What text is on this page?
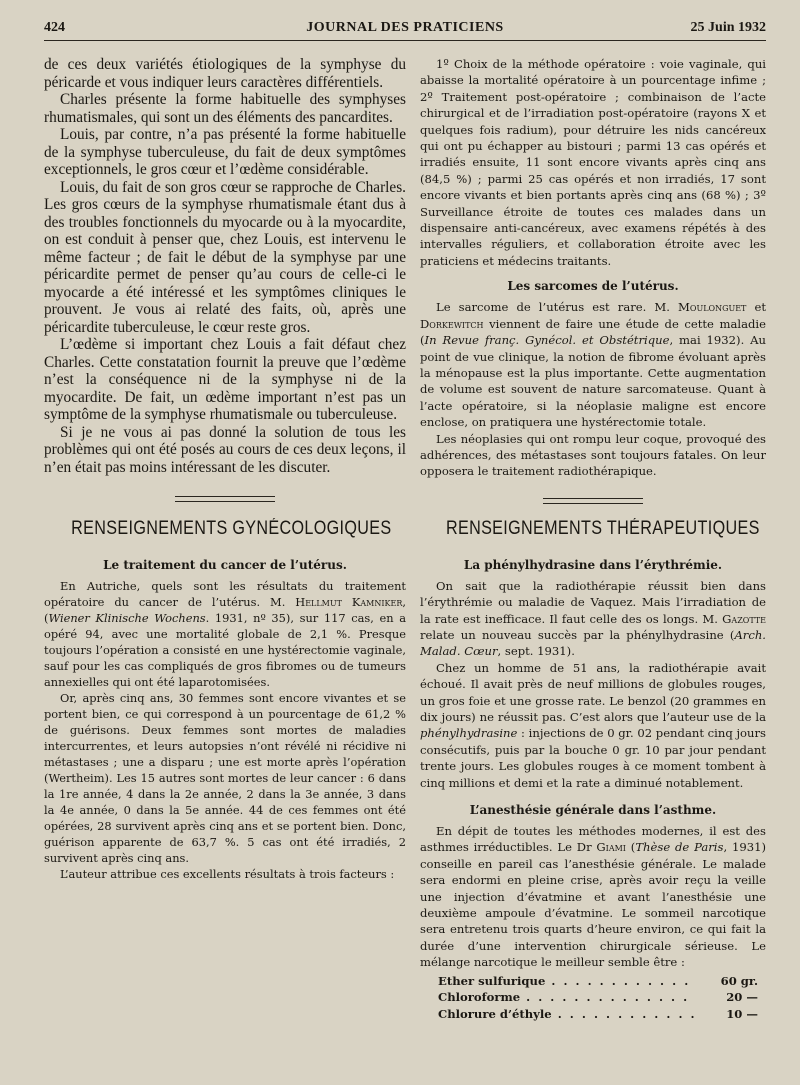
424	JOURNAL DES PRATICIENS	25 Juin 1932

de ces deux variétés étiologiques de la symphyse du péricarde et vous indiquer leurs caractères différentiels.

Charles présente la forme habituelle des symphyses rhumatismales, qui sont un des éléments des pancardites.

Louis, par contre, n’a pas présenté la forme habituelle de la symphyse tuberculeuse, du fait de deux symptômes exceptionnels, le gros cœur et l’œdème considérable.

Louis, du fait de son gros cœur se rapproche de Charles. Les gros cœurs de la symphyse rhumatismale étant dus à des troubles fonctionnels du myocarde ou à la myocardite, on est conduit à penser que, chez Louis, est intervenu le même facteur ; de fait le début de la symphyse par une péricardite permet de penser qu’au cours de celle-ci le myocarde a été intéressé et les symptômes cliniques le prouvent. Je vous ai relaté des faits, où, après une péricardite tuberculeuse, le cœur reste gros.

L’œdème si important chez Louis a fait défaut chez Charles. Cette constatation fournit la preuve que l’œdème n’est la conséquence ni de la symphyse ni de la myocardite. De fait, un œdème important n’est pas un symptôme de la symphyse rhumatismale ou tuberculeuse.

Si je ne vous ai pas donné la solution de tous les problèmes qui ont été posés au cours de ces deux leçons, il n’en était pas moins intéressant de les discuter.

RENSEIGNEMENTS GYNÉCOLOGIQUES
Le traitement du cancer de l’utérus.

En Autriche, quels sont les résultats du traitement opératoire du cancer de l’utérus. M. Hellmut Kamniker, (Wiener Klinische Wochens. 1931, nº 35), sur 117 cas, en a opéré 94, avec une mortalité globale de 2,1 %. Presque toujours l’opération a consisté en une hystérectomie vaginale, sauf pour les cas compliqués de gros fibromes ou de tumeurs annexielles qui ont été laparotomisées.

Or, après cinq ans, 30 femmes sont encore vivantes et se portent bien, ce qui correspond à un pourcentage de 61,2 % de guérisons. Deux femmes sont mortes de maladies intercurrentes, et leurs autopsies n’ont révélé ni récidive ni métastases ; une a disparu ; une est morte après l’opération (Wertheim). Les 15 autres sont mortes de leur cancer : 6 dans la 1re année, 4 dans la 2e année, 2 dans la 3e année, 3 dans la 4e année, 0 dans la 5e année. 44 de ces femmes ont été opérées, 28 survivent après cinq ans et se portent bien. Donc, guérison apparente de 63,7 %. 5 cas ont été irradiés, 2 survivent après cinq ans.

L’auteur attribue ces excellents résultats à trois facteurs :

1º Choix de la méthode opératoire : voie vaginale, qui abaisse la mortalité opératoire à un pourcentage infime ; 2º Traitement post-opératoire ; combinaison de l’acte chirurgical et de l’irradiation post-opératoire (rayons X et quelques fois radium), pour détruire les nids cancéreux qui ont pu échapper au bistouri ; parmi 13 cas opérés et irradiés ensuite, 11 sont encore vivants après cinq ans (84,5 %) ; parmi 25 cas opérés et non irradiés, 17 sont encore vivants et bien portants après cinq ans (68 %) ; 3º Surveillance étroite de toutes ces malades dans un dispensaire anti-cancéreux, avec examens répétés à des intervalles réguliers, et collaboration étroite avec les praticiens et médecins traitants.

Les sarcomes de l’utérus.

Le sarcome de l’utérus est rare. M. Moulonguet et Dorkewitch viennent de faire une étude de cette maladie (In Revue franç. Gynécol. et Obstétrique, mai 1932). Au point de vue clinique, la notion de fibrome évoluant après la ménopause est la plus importante. Cette augmentation de volume est souvent de nature sarcomateuse. Quant à l’acte opératoire, si la néoplasie maligne est encore enclose, on pratiquera une hystérectomie totale.

Les néoplasies qui ont rompu leur coque, provoqué des adhérences, des métastases sont toujours fatales. On leur opposera le traitement radiothérapique.

RENSEIGNEMENTS THÉRAPEUTIQUES
La phénylhydrasine dans l’érythrémie.

On sait que la radiothérapie réussit bien dans l’érythrémie ou maladie de Vaquez. Mais l’irradiation de la rate est inefficace. Il faut celle des os longs. M. Gazotte relate un nouveau succès par la phénylhydrasine (Arch. Malad. Cœur, sept. 1931).

Chez un homme de 51 ans, la radiothérapie avait échoué. Il avait près de neuf millions de globules rouges, un gros foie et une grosse rate. Le benzol (20 grammes en dix jours) ne réussit pas. C’est alors que l’auteur use de la phénylhydrasine : injections de 0 gr. 02 pendant cinq jours consécutifs, puis par la bouche 0 gr. 10 par jour pendant trente jours. Les globules rouges à ce moment tombent à cinq millions et demi et la rate a diminué notablement.

L’anesthésie générale dans l’asthme.

En dépit de toutes les méthodes modernes, il est des asthmes irréductibles. Le Dr Giami (Thèse de Paris, 1931) conseille en pareil cas l’anesthésie générale. Le malade sera endormi en pleine crise, après avoir reçu la veille une injection d’évatmine et avant l’anesthésie une deuxième ampoule d’évatmine. Le sommeil narcotique sera entretenu trois quarts d’heure environ, ce qui fait la durée d’une intervention chirurgicale sérieuse. Le mélange narcotique le meilleur semble être :

Ether sulfurique . . .	60 gr.
Chloroforme . . .	20 —
Chlorure d’éthyle . . .	10 —
